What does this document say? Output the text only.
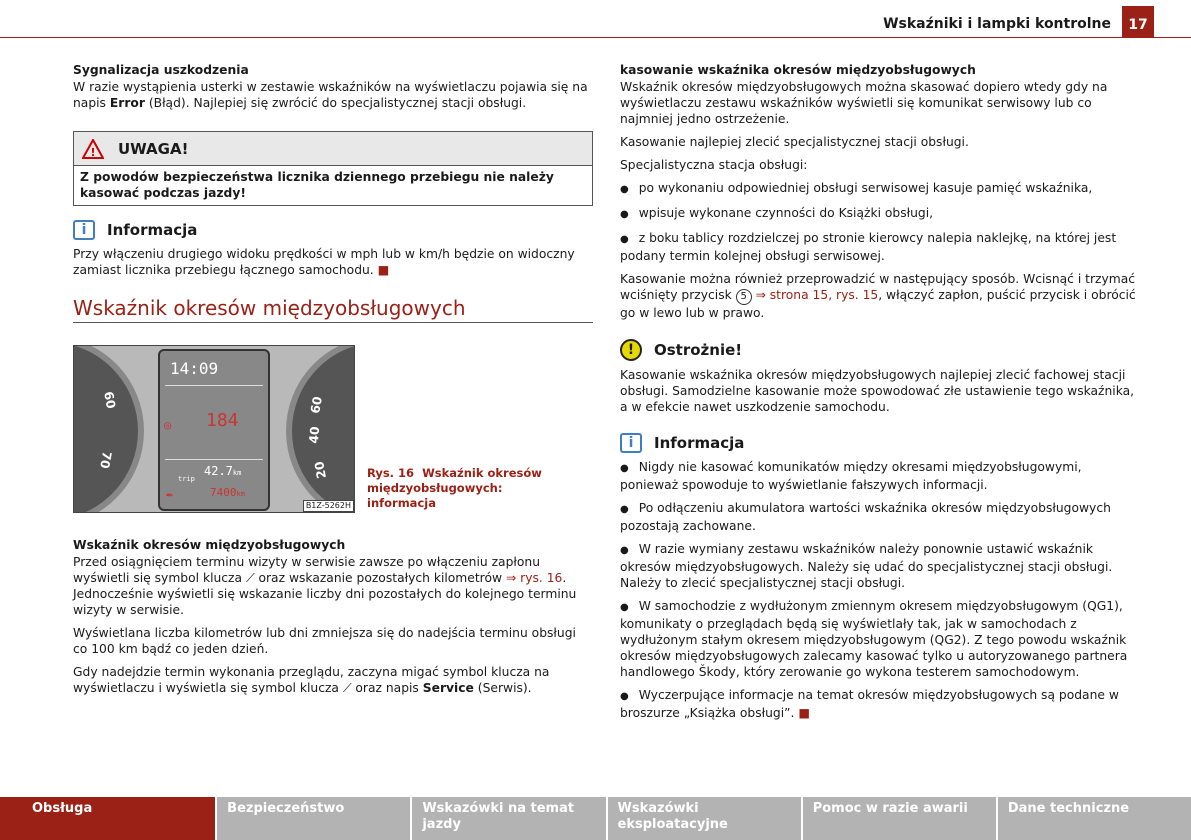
Wskaźniki i lampki kontrolne	17
Sygnalizacja uszkodzenia

W razie wystąpienia usterki w zestawie wskaźników na wyświetlaczu pojawia się na napis Error (Błąd). Najlepiej się zwrócić do specjalistycznej stacji obsługi.

! UWAGA!
Z powodów bezpieczeństwa licznika dziennego przebiegu nie należy kasować podczas jazdy!
i	Informacja

Przy włączeniu drugiego widoku prędkości w mph lub w km/h będzie on widoczny zamiast licznika przebiegu łącznego samochodu. ■

Wskaźnik okresów międzyobsługowych
60
70
60
40
20
14:09
◎ 184
trip
42.7km
✒	7400km
B1Z-5262H
Rys. 16 Wskaźnik okresów międzyobsługowych: informacja
Wskaźnik okresów międzyobsługowych

Przed osiągnięciem terminu wizyty w serwisie zawsze po włączeniu zapłonu wyświetli się symbol klucza ⟋ oraz wskazanie pozostałych kilometrów ⇒ rys. 16. Jednocześnie wyświetli się wskazanie liczby dni pozostałych do kolejnego terminu wizyty w serwisie.

Wyświetlana liczba kilometrów lub dni zmniejsza się do nadejścia terminu obsługi co 100 km bądź co jeden dzień.

Gdy nadejdzie termin wykonania przeglądu, zaczyna migać symbol klucza na wyświetlaczu i wyświetla się symbol klucza ⟋ oraz napis Service (Serwis).

kasowanie wskaźnika okresów międzyobsługowych

Wskaźnik okresów międzyobsługowych można skasować dopiero wtedy gdy na wyświetlaczu zestawu wskaźników wyświetli się komunikat serwisowy lub co najmniej jedno ostrzeżenie.

Kasowanie najlepiej zlecić specjalistycznej stacji obsługi.

Specjalistyczna stacja obsługi:

● po wykonaniu odpowiedniej obsługi serwisowej kasuje pamięć wskaźnika,

● wpisuje wykonane czynności do Książki obsługi,

● z boku tablicy rozdzielczej po stronie kierowcy nalepia naklejkę, na której jest podany termin kolejnej obsługi serwisowej.

Kasowanie można również przeprowadzić w następujący sposób. Wcisnąć i trzymać wciśnięty przycisk 5 ⇒ strona 15, rys. 15, włączyć zapłon, puścić przycisk i obrócić go w lewo lub w prawo.

!	Ostrożnie!

Kasowanie wskaźnika okresów międzyobsługowych najlepiej zlecić fachowej stacji obsługi. Samodzielne kasowanie może spowodować złe ustawienie tego wskaźnika, a w efekcie nawet uszkodzenie samochodu.

i	Informacja

● Nigdy nie kasować komunikatów między okresami międzyobsługowymi, ponieważ spowoduje to wyświetlanie fałszywych informacji.

● Po odłączeniu akumulatora wartości wskaźnika okresów międzyobsługowych pozostają zachowane.

● W razie wymiany zestawu wskaźników należy ponownie ustawić wskaźnik okresów międzyobsługowych. Należy się udać do specjalistycznej stacji obsługi. Należy to zlecić specjalistycznej stacji obsługi.

● W samochodzie z wydłużonym zmiennym okresem międzyobsługowym (QG1), komunikaty o przeglądach będą się wyświetlały tak, jak w samochodach z wydłużonym stałym okresem międzyobsługowym (QG2). Z tego powodu wskaźnik okresów międzyobsługowych zalecamy kasować tylko u autoryzowanego partnera handlowego Škody, który zerowanie go wykona testerem samochodowym.

● Wyczerpujące informacje na temat okresów międzyobsługowych są podane w broszurze „Książka obsługi”. ■

Obsługa	Bezpieczeństwo	Wskazówki na temat jazdy
Wskazówki eksploatacyjne
Pomoc w razie awarii	Dane techniczne
